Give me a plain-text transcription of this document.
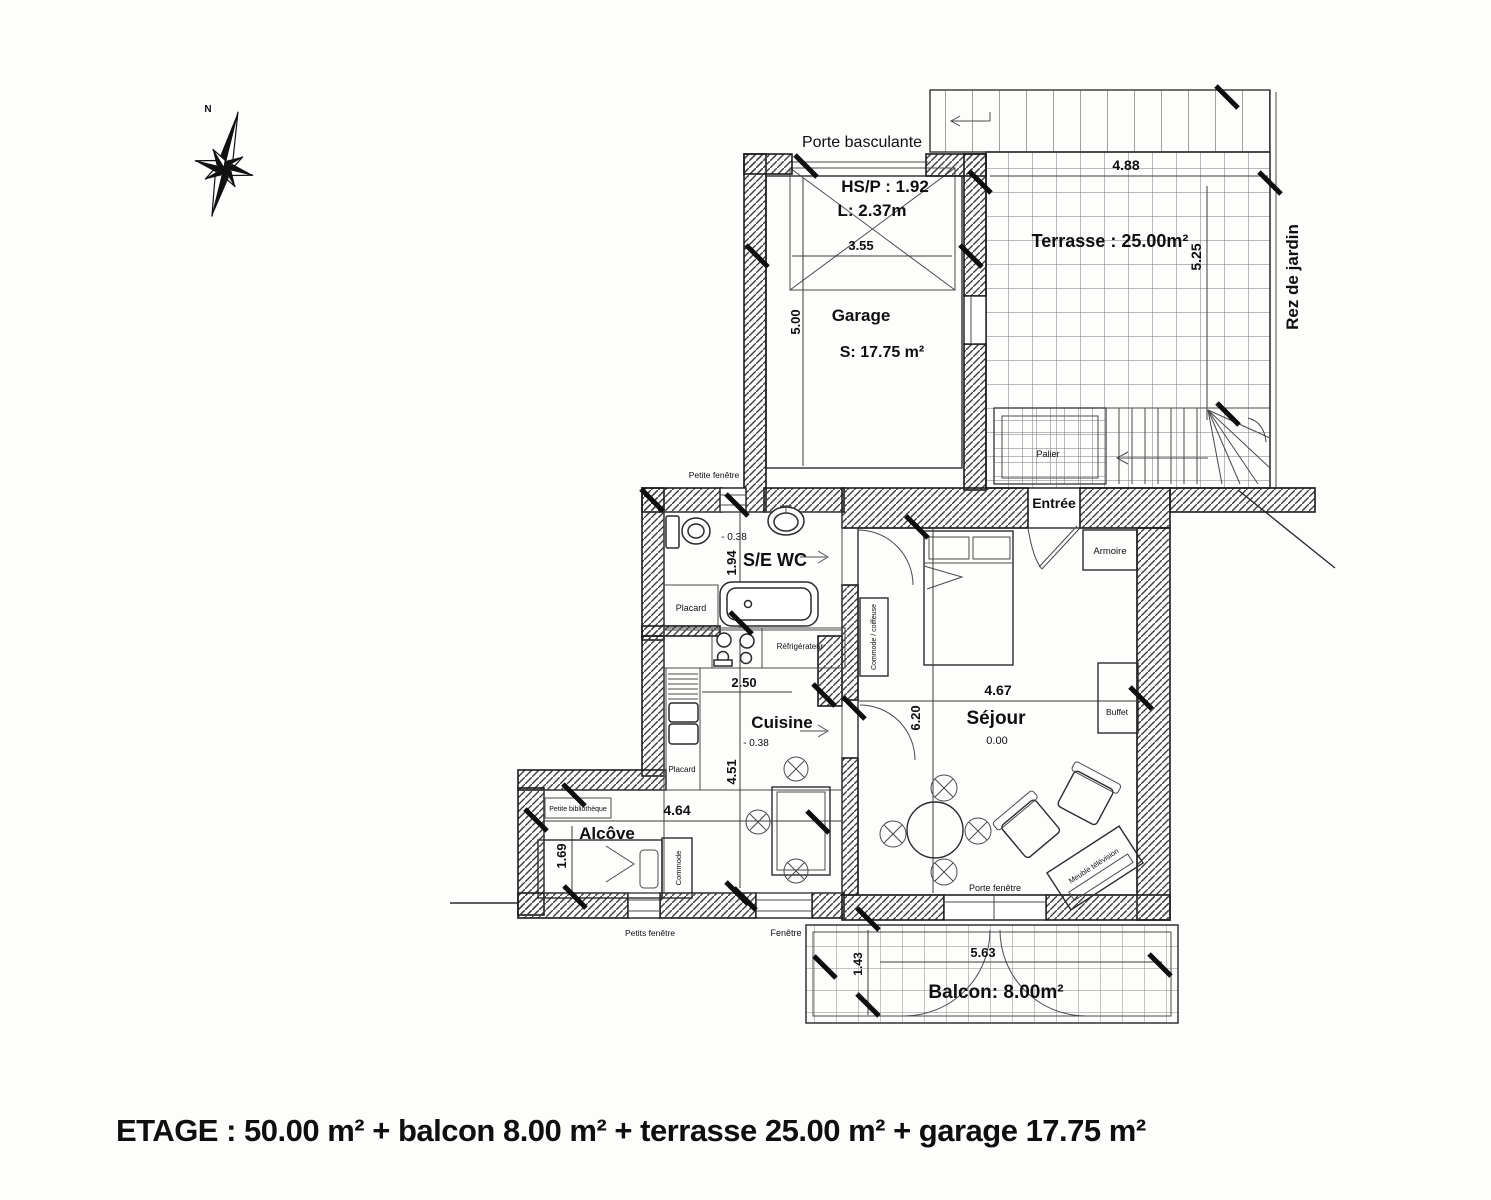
4.88
5.25
Terrasse : 25.00m²	Rez de jardin
Palier
3.55
5.00
Porte basculante
HS/P : 1.92
L: 2.37m
Garage
S: 17.75 m²
Entrée
- 0.38
S/E WC
1.94
Placard
Petite fenêtre
Réfrigérateur
Placard
2.50
Cuisine
- 0.38
4.51
Fenêtre
Petite bibliothèque	4.64
Alcôve
1.69	Commode
Petits fenêtre
Armoire
Commode / coiffeuse
4.67
6.20 Séjour
0.00
Buffet
Meuble télévision
Porte fenêtre
1.43	5.63
Balcon: 8.00m²
N
ETAGE : 50.00 m² + balcon 8.00 m² + terrasse 25.00 m² + garage 17.75 m²
